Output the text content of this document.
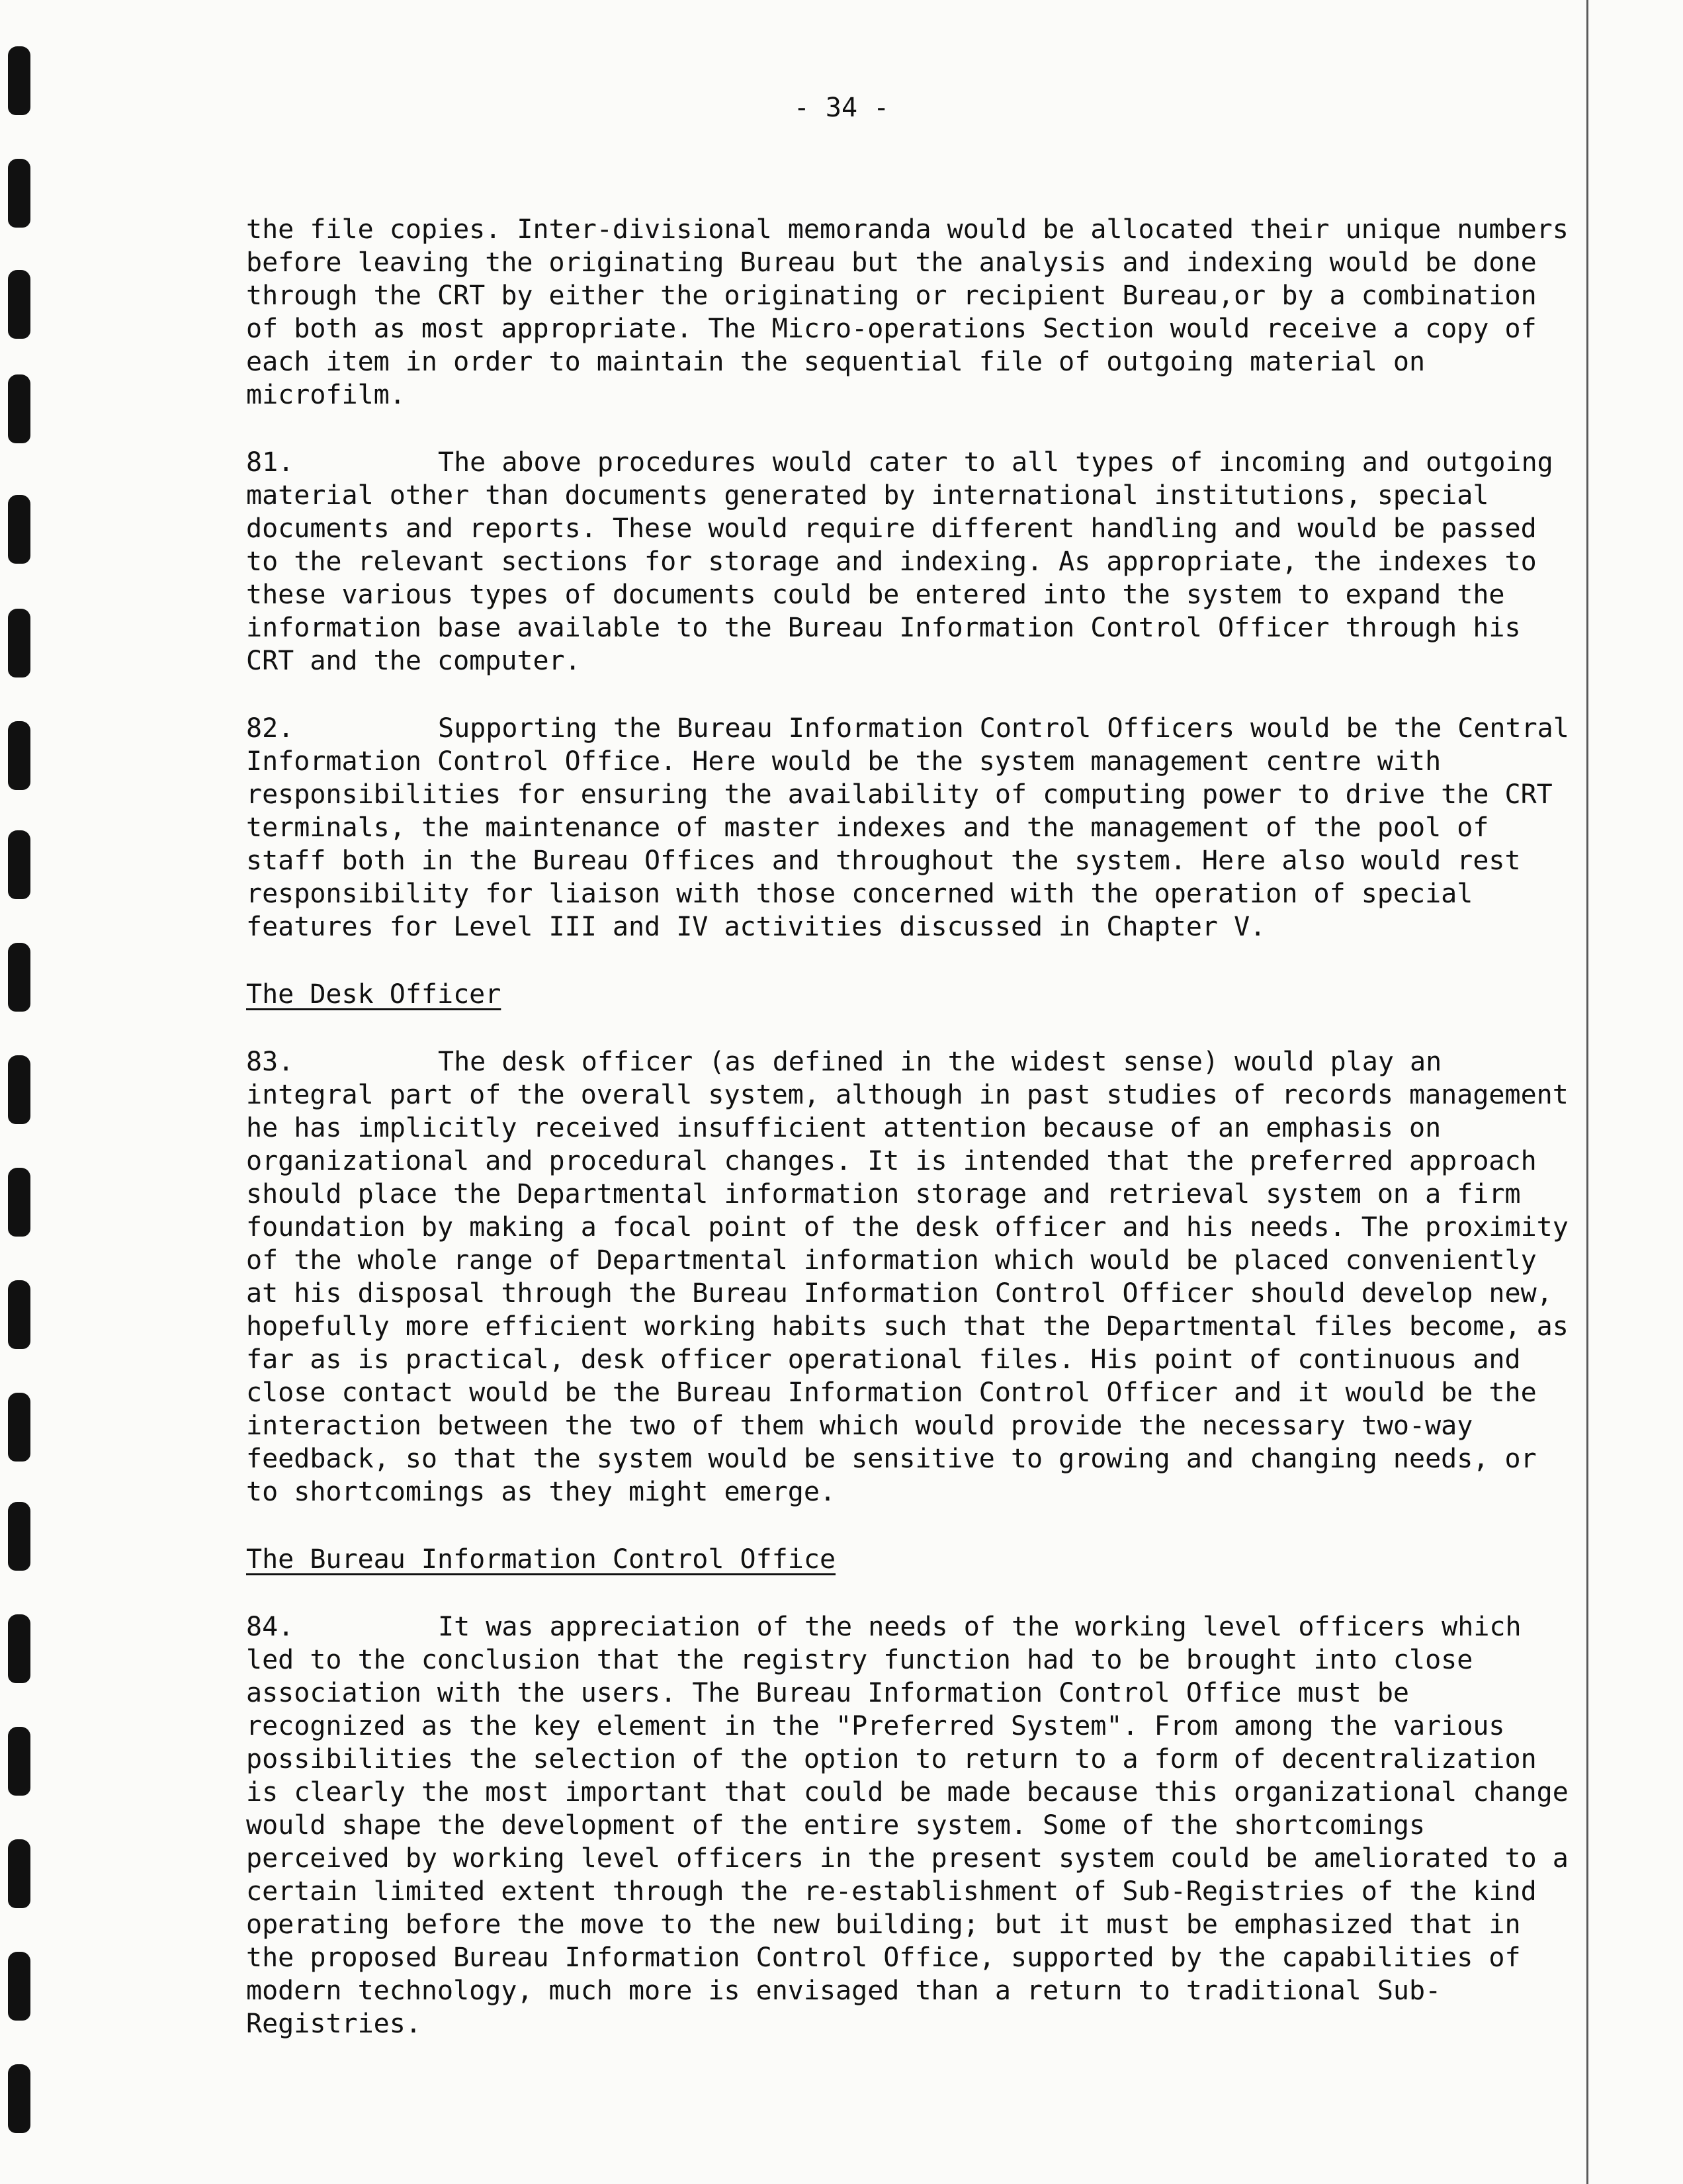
- 34 -

the file copies. Inter-divisional memoranda would be allocated their unique numbers before leaving the originating Bureau but the analysis and indexing would be done through the CRT by either the originating or recipient Bureau,or by a combination of both as most appropriate. The Micro-operations Section would receive a copy of each item in order to maintain the sequential file of outgoing material on microfilm.

81.	The above procedures would cater to all types of incoming and outgoing material other than documents generated by international institutions, special documents and reports. These would require different handling and would be passed to the relevant sections for storage and indexing. As appropriate, the indexes to these various types of documents could be entered into the system to expand the information base available to the Bureau Information Control Officer through his CRT and the computer.

82.	Supporting the Bureau Information Control Officers would be the Central Information Control Office. Here would be the system management centre with responsibilities for ensuring the availability of computing power to drive the CRT terminals, the maintenance of master indexes and the management of the pool of staff both in the Bureau Offices and throughout the system. Here also would rest responsibility for liaison with those concerned with the operation of special features for Level III and IV activities discussed in Chapter V.

The Desk Officer

83.	The desk officer (as defined in the widest sense) would play an integral part of the overall system, although in past studies of records management he has implicitly received insufficient attention because of an emphasis on organizational and procedural changes. It is intended that the preferred approach should place the Departmental information storage and retrieval system on a firm foundation by making a focal point of the desk officer and his needs. The proximity of the whole range of Departmental information which would be placed conveniently at his disposal through the Bureau Information Control Officer should develop new, hopefully more efficient working habits such that the Departmental files become, as far as is practical, desk officer operational files. His point of continuous and close contact would be the Bureau Information Control Officer and it would be the interaction between the two of them which would provide the necessary two-way feedback, so that the system would be sensitive to growing and changing needs, or to shortcomings as they might emerge.

The Bureau Information Control Office

84.	It was appreciation of the needs of the working level officers which led to the conclusion that the registry function had to be brought into close association with the users. The Bureau Information Control Office must be recognized as the key element in the "Preferred System". From among the various possibilities the selection of the option to return to a form of decentralization is clearly the most important that could be made because this organizational change would shape the development of the entire system. Some of the shortcomings perceived by working level officers in the present system could be ameliorated to a certain limited extent through the re-establishment of Sub-Registries of the kind operating before the move to the new building; but it must be emphasized that in the proposed Bureau Information Control Office, supported by the capabilities of modern technology, much more is envisaged than a return to traditional Sub-Registries.
